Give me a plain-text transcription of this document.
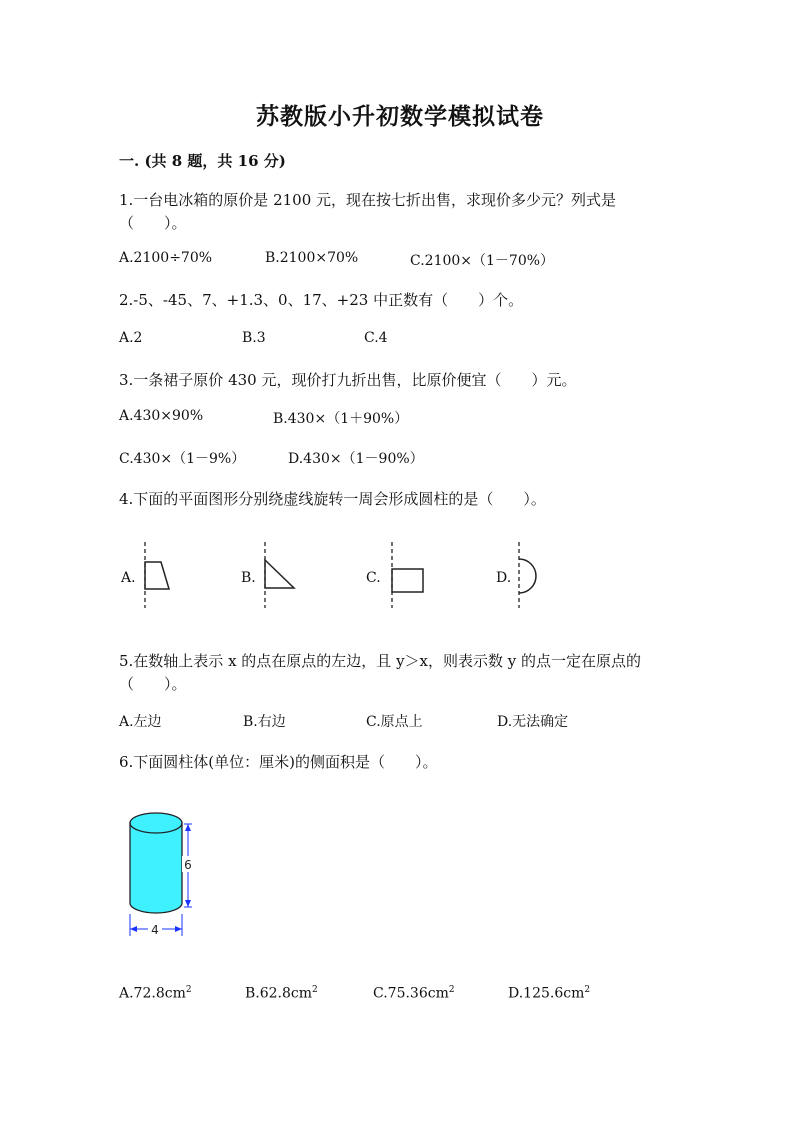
苏教版小升初数学模拟试卷
一. (共 8 题，共 16 分)
1.一台电冰箱的原价是 2100 元，现在按七折出售，求现价多少元？列式是
（　　）。
A.2100÷70%	B.2100×70%	C.2100×（1－70%）
2.-5、-45、7、+1.3、0、17、+23 中正数有（　　）个。
A.2	B.3	C.4
3.一条裙子原价 430 元，现价打九折出售，比原价便宜（　　）元。
A.430×90%	B.430×（1＋90%）
C.430×（1－9%）	D.430×（1－90%）
4.下面的平面图形分别绕虚线旋转一周会形成圆柱的是（　　）。
A.	B.	C.	D.
5.在数轴上表示 x 的点在原点的左边，且 y＞x，则表示数 y 的点一定在原点的
（　　）。
A.左边	B.右边	C.原点上	D.无法确定
6.下面圆柱体(单位：厘米)的侧面积是（　　）。
6
4
$A.72.8cm^2$	$B.62.8cm^2$	$C.75.36cm^2$	$D.125.6cm^2$
